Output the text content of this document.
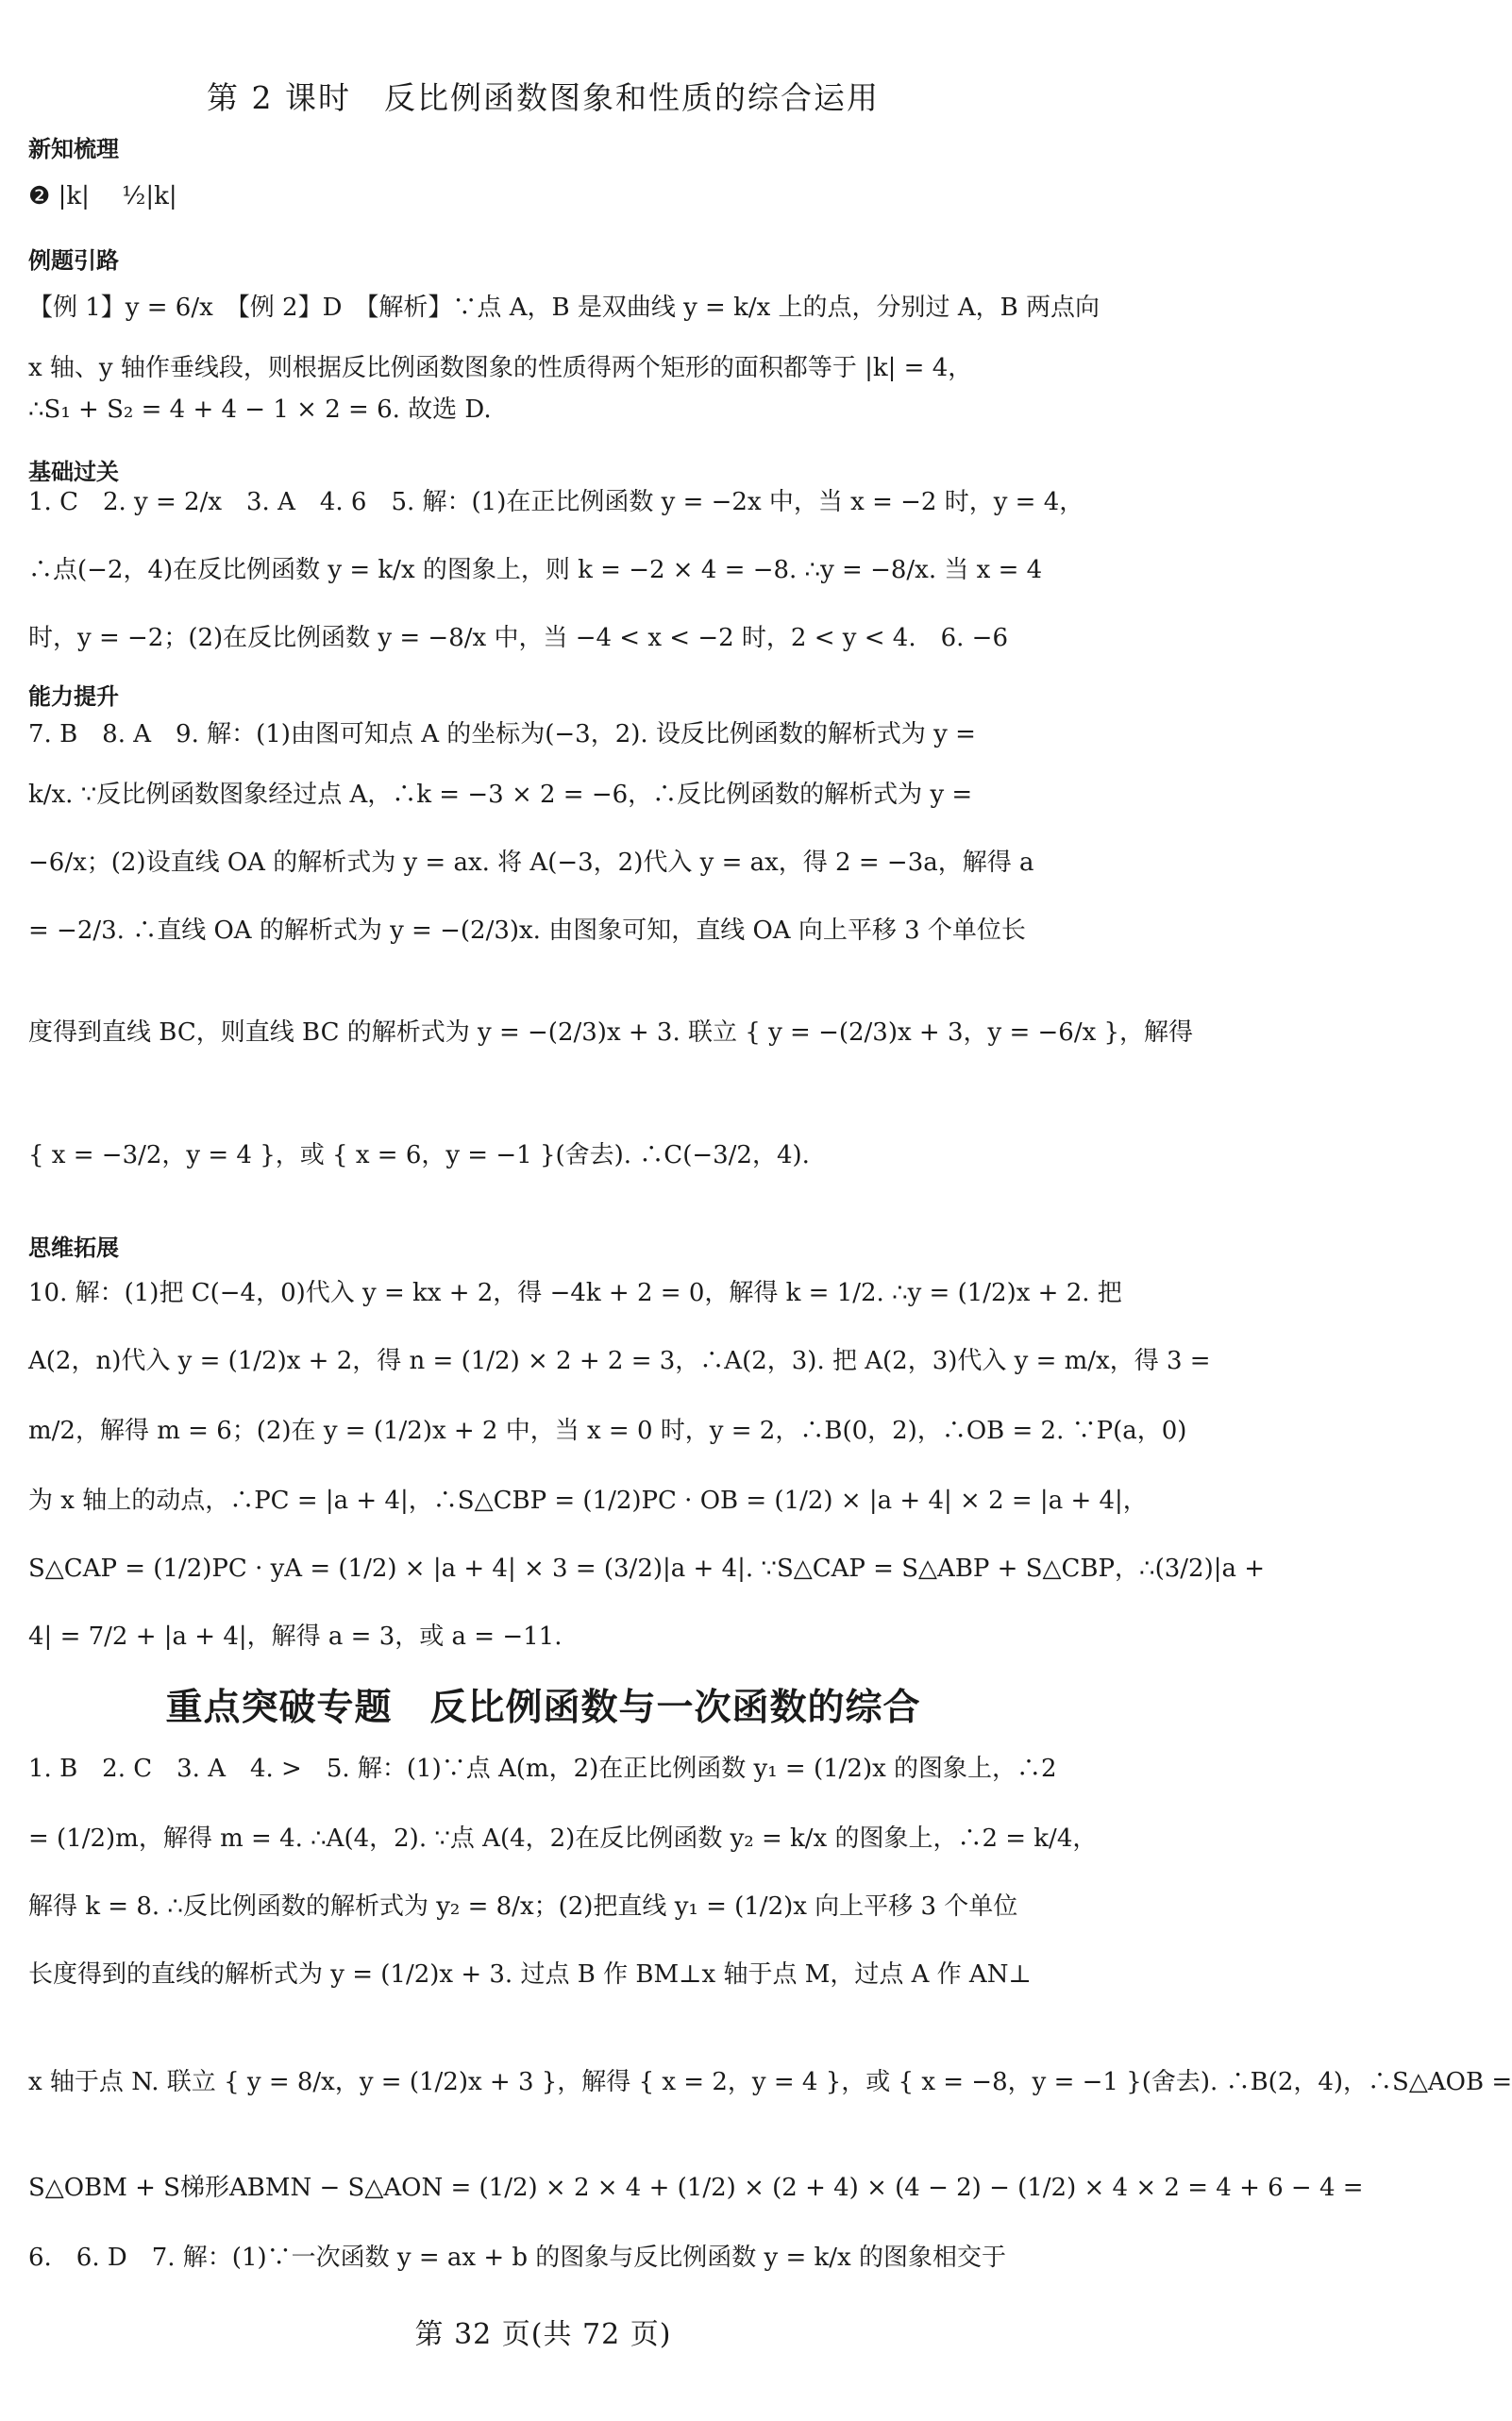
第 2 课时　反比例函数图象和性质的综合运用
新知梳理
❷ |k|　 ½|k|
例题引路
【例 1】y = 6/x　【例 2】D　【解析】∵点 A，B 是双曲线 y = k/x 上的点，分别过 A，B 两点向
x 轴、y 轴作垂线段，则根据反比例函数图象的性质得两个矩形的面积都等于 |k| = 4，
∴S₁ + S₂ = 4 + 4 − 1 × 2 = 6. 故选 D.
基础过关
1. C　2. y = 2/x　3. A　4. 6　5. 解：(1)在正比例函数 y = −2x 中，当 x = −2 时，y = 4，
∴点(−2，4)在反比例函数 y = k/x 的图象上，则 k = −2 × 4 = −8. ∴y = −8/x. 当 x = 4
时，y = −2；(2)在反比例函数 y = −8/x 中，当 −4 < x < −2 时，2 < y < 4.　6. −6
能力提升
7. B　8. A　9. 解：(1)由图可知点 A 的坐标为(−3，2). 设反比例函数的解析式为 y =
k/x. ∵反比例函数图象经过点 A，∴k = −3 × 2 = −6，∴反比例函数的解析式为 y =
−6/x；(2)设直线 OA 的解析式为 y = ax. 将 A(−3，2)代入 y = ax，得 2 = −3a，解得 a
= −2/3. ∴直线 OA 的解析式为 y = −(2/3)x. 由图象可知，直线 OA 向上平移 3 个单位长
度得到直线 BC，则直线 BC 的解析式为 y = −(2/3)x + 3. 联立 { y = −(2/3)x + 3，y = −6/x }，解得
{ x = −3/2，y = 4 }，或 { x = 6，y = −1 }(舍去). ∴C(−3/2，4).
思维拓展
10. 解：(1)把 C(−4，0)代入 y = kx + 2，得 −4k + 2 = 0，解得 k = 1/2. ∴y = (1/2)x + 2. 把
A(2，n)代入 y = (1/2)x + 2，得 n = (1/2) × 2 + 2 = 3，∴A(2，3). 把 A(2，3)代入 y = m/x，得 3 =
m/2，解得 m = 6；(2)在 y = (1/2)x + 2 中，当 x = 0 时，y = 2，∴B(0，2)，∴OB = 2. ∵P(a，0)
为 x 轴上的动点，∴PC = |a + 4|，∴S△CBP = (1/2)PC · OB = (1/2) × |a + 4| × 2 = |a + 4|，
S△CAP = (1/2)PC · yA = (1/2) × |a + 4| × 3 = (3/2)|a + 4|. ∵S△CAP = S△ABP + S△CBP，∴(3/2)|a +
4| = 7/2 + |a + 4|，解得 a = 3，或 a = −11.
重点突破专题　反比例函数与一次函数的综合
1. B　2. C　3. A　4. >　5. 解：(1)∵点 A(m，2)在正比例函数 y₁ = (1/2)x 的图象上，∴2
= (1/2)m，解得 m = 4. ∴A(4，2). ∵点 A(4，2)在反比例函数 y₂ = k/x 的图象上，∴2 = k/4，
解得 k = 8. ∴反比例函数的解析式为 y₂ = 8/x；(2)把直线 y₁ = (1/2)x 向上平移 3 个单位
长度得到的直线的解析式为 y = (1/2)x + 3. 过点 B 作 BM⊥x 轴于点 M，过点 A 作 AN⊥
x 轴于点 N. 联立 { y = 8/x，y = (1/2)x + 3 }，解得 { x = 2，y = 4 }，或 { x = −8，y = −1 }(舍去). ∴B(2，4)，∴S△AOB =
S△OBM + S梯形ABMN − S△AON = (1/2) × 2 × 4 + (1/2) × (2 + 4) × (4 − 2) − (1/2) × 4 × 2 = 4 + 6 − 4 =
6.　6. D　7. 解：(1)∵一次函数 y = ax + b 的图象与反比例函数 y = k/x 的图象相交于
第 32 页(共 72 页)
